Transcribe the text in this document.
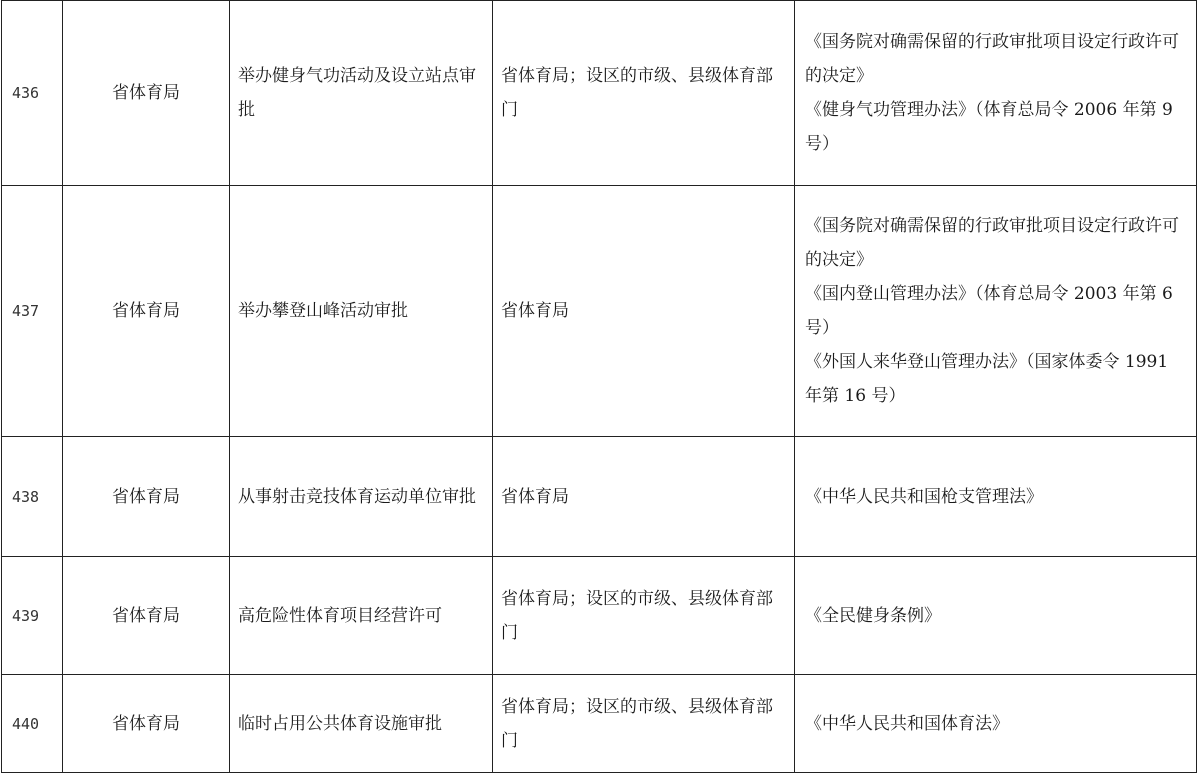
436	省体育局	举办健身气功活动及设立站点审批	省体育局；设区的市级、县级体育部门	《国务院对确需保留的行政审批项目设定行政许可的决定》
《健身气功管理办法》（体育总局令 2006 年第 9 号）

437	省体育局	举办攀登山峰活动审批	省体育局	《国务院对确需保留的行政审批项目设定行政许可的决定》
《国内登山管理办法》（体育总局令 2003 年第 6 号）
《外国人来华登山管理办法》（国家体委令 1991 年第 16 号）

438	省体育局	从事射击竞技体育运动单位审批	省体育局	《中华人民共和国枪支管理法》

439	省体育局	高危险性体育项目经营许可	省体育局；设区的市级、县级体育部门	《全民健身条例》

440	省体育局	临时占用公共体育设施审批	省体育局；设区的市级、县级体育部门	《中华人民共和国体育法》
